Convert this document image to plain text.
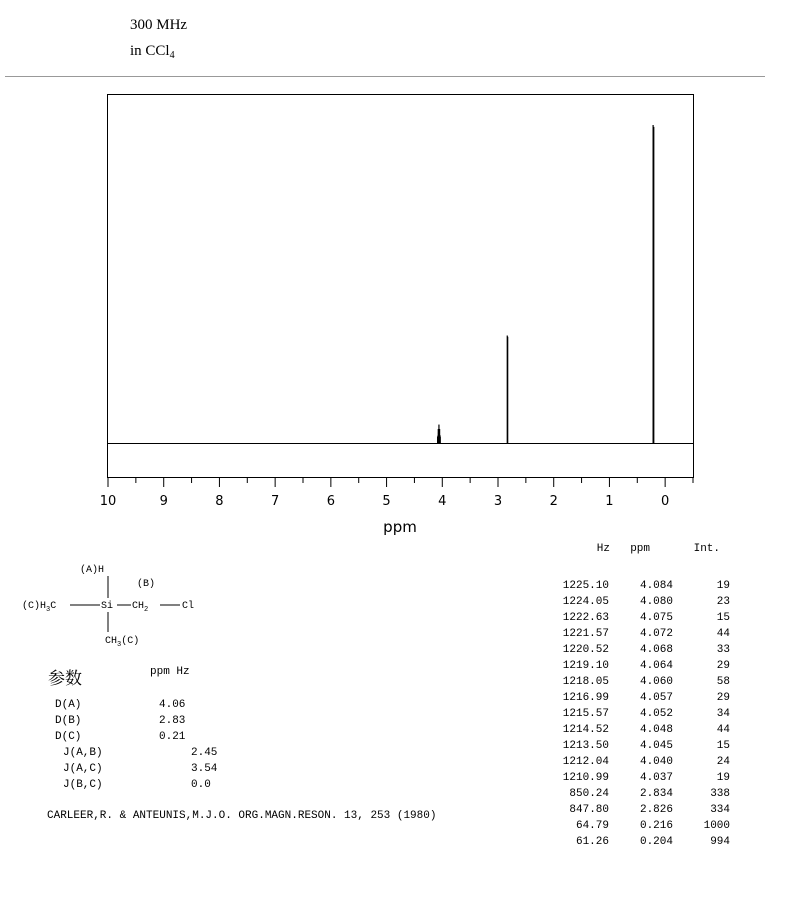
300 MHz
in CCl$_4$
10	9	8	7	6	5	4	3	2	1	0
ppm
(A)H
(B)
$(C)H_3C$	Si $CH_2$	Cl
$CH_3(C)$
参数	ppm Hz
D(A)	4.06
D(B)	2.83
D(C)	0.21
J(A,B)	2.45
J(A,C)	3.54
J(B,C)	0.0
CARLEER,R. & ANTEUNIS,M.J.O. ORG.MAGN.RESON. 13, 253 (1980)
Hz	ppm	Int.
1225.10	4.084	19
1224.05	4.080	23
1222.63	4.075	15
1221.57	4.072	44
1220.52	4.068	33
1219.10	4.064	29
1218.05	4.060	58
1216.99	4.057	29
1215.57	4.052	34
1214.52	4.048	44
1213.50	4.045	15
1212.04	4.040	24
1210.99	4.037	19
850.24	2.834	338
847.80	2.826	334
64.79	0.216	1000
61.26	0.204	994
